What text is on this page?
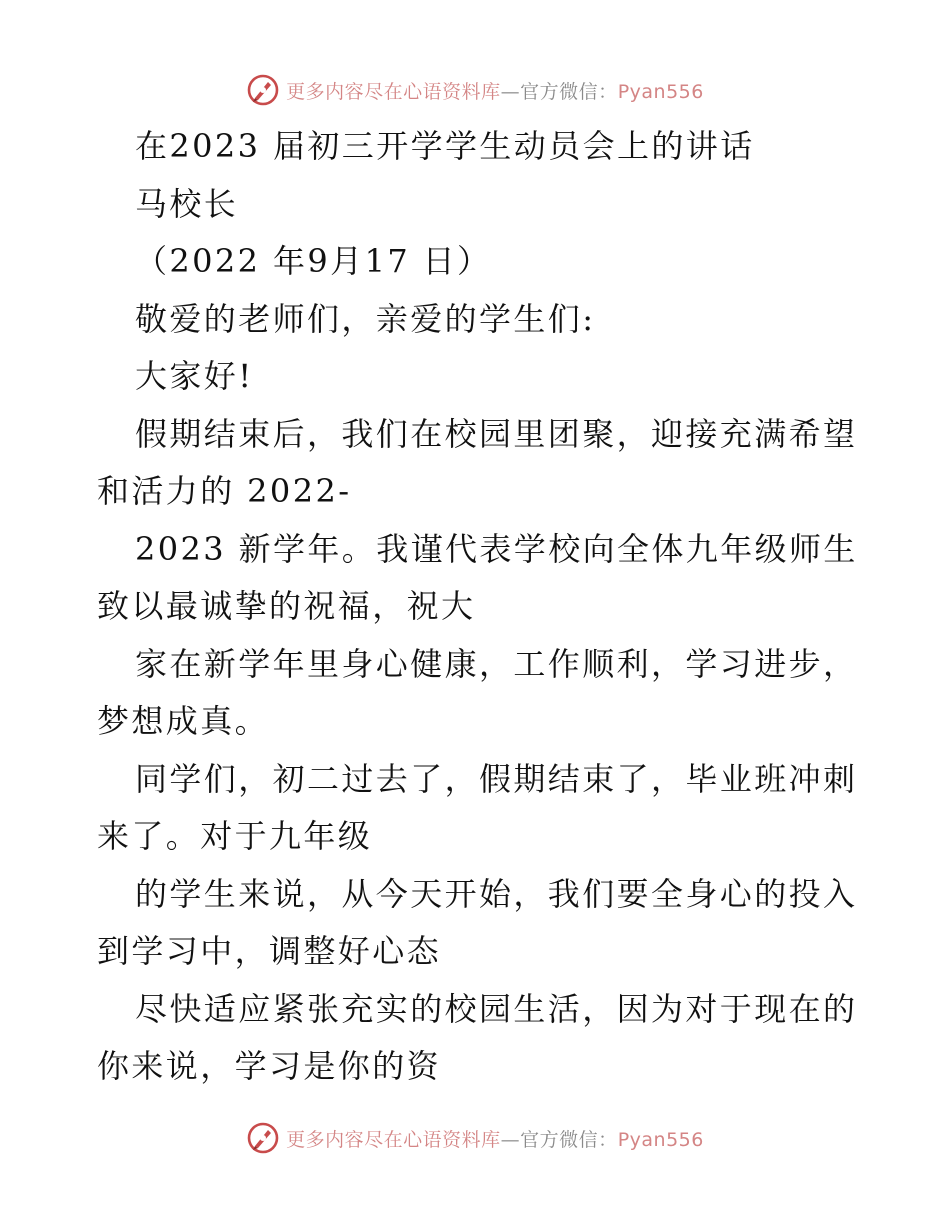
更多内容尽在心语资料库—官方微信：Pyan556
在2023 届初三开学学生动员会上的讲话
马校长
（2022 年9月17 日）
敬爱的老师们，亲爱的学生们:
大家好!
假期结束后，我们在校园里团聚，迎接充满希望
和活力的 2022-
2023 新学年。我谨代表学校向全体九年级师生
致以最诚挚的祝福，祝大
家在新学年里身心健康，工作顺利，学习进步，
梦想成真。
同学们，初二过去了，假期结束了，毕业班冲刺
来了。对于九年级
的学生来说，从今天开始，我们要全身心的投入
到学习中，调整好心态
尽快适应紧张充实的校园生活，因为对于现在的
你来说，学习是你的资
更多内容尽在心语资料库—官方微信：Pyan556
